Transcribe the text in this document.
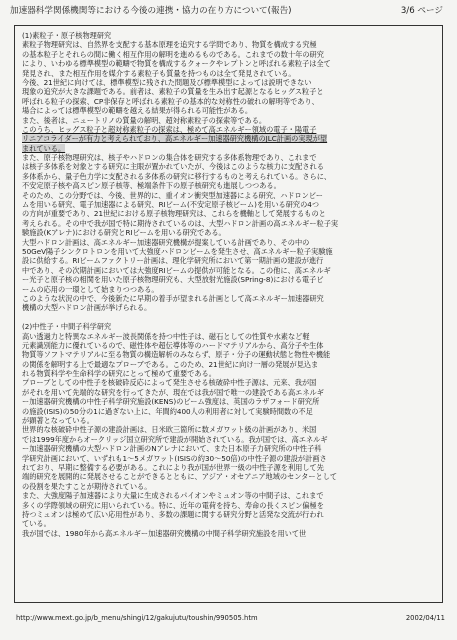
加速器科学関係機関等における今後の連携・協力の在り方について(報告)	3/6 ページ
(1)素粒子・原子核物理研究
素粒子物理研究は、自然界を支配する基本原理を追究する学問であり、物質を構成する究極
の基本粒子とそれらの間に働く相互作用の解明を進めるものである。これまでの数十年の研究
により、いわゆる標準模型の範疇で物質を構成するクォークやレプトンと呼ばれる素粒子は全て
発見され、また相互作用を媒介する素粒子も質量を持つものは全て発見されている。
今後、21世紀に向けては、標準模型に残された問題及び標準模型によっては説明できない
現象の追究が大きな課題である。前者は、素粒子の質量を生み出す起源となるヒッグス粒子と
呼ばれる粒子の探索、CP非保存と呼ばれる素粒子の基本的な対称性の破れの解明等であり、
場合によっては標準模型の範疇を越える結果が得られる可能性がある。
また、後者は、ニュートリノの質量の解明、超対称素粒子の探索等である。
このうち、ヒッグス粒子と超対称素粒子の探索は、極めて高エネルギー領域の電子・陽電子
リニアコライダーが有力と考えられており、高エネルギー加速器研究機構のJLC計画の実現が望
まれている。
また、原子核物理研究は、核子やハドロンの集合体を研究する多体系物理であり、これまで
は核子多体系を対象とする研究に主眼が置かれていたが、今後はこのような核力に支配される
多体系から、量子色力学に支配される多体系の研究に移行するものと考えられている。さらに、
不安定原子核や高スピン原子核等、極端条件下の原子核研究も進展しつつある。
そのため、この分野では、今後、世界的に、重イオン衝突型加速器による研究、ハドロンビー
ムを用いる研究、電子加速器による研究、RIビーム(不安定原子核ビーム)を用いる研究の4つ
の方向が重要であり、21世紀における原子核物理研究は、これらを機軸として発展するものと
考えられる。その中で我が国で特に期待されているのは、大型ハドロン計画の高エネルギー粒子実
験施設(Kアレナ)における研究とRIビームを用いる研究である。
大型ハドロン計画は、高エネルギー加速器研究機構が提案している計画であり、その中の
50GeV陽子シンクロトロンを用いて大強度ハドロンビームを発生させ、高エネルギー粒子実験施
設に供給する。RIビームファクトリー計画は、理化学研究所において第一期計画の建設が進行
中であり、その次期計画においては大強度RIビームの提供が可能となる。この他に、高エネルギ
ー光子と原子核の相関を用いた原子核物理研究も、大型放射光施設(SPring-8)における電子ビ
ームの応用の一環として始まりつつある。
このような状況の中で、今後新たに早期の着手が望まれる計画として高エネルギー加速器研究
機構の大型ハドロン計画が挙げられる。
(2)中性子・中間子科学研究
高い透過力と特異なエネルギー波長関係を持つ中性子は、磁石としての性質や水素など軽
元素識別能力に優れているので、磁性体や超伝導体等のハードマテリアルから、高分子や生体
物質等ソフトマテリアルに至る物質の構造解析のみならず、原子・分子の運動状態と物性や機能
の関係を解明する上で最適なプローブである。このため、21世紀に向け一層の発展が見込ま
れる物質科学や生命科学の研究にとって極めて重要である。
プローブとしての中性子を核破砕反応によって発生させる核破砕中性子源は、元来、我が国
がそれを用いて先端的な研究を行ってきたが、現在では我が国で唯一の建設である高エネルギ
ー加速器研究機構の中性子科学研究施設(KENS)のビーム強度は、英国のラザフォード研究所
の施設(ISIS)の50分の1に過ぎない上に、年間約400人の利用者に対して実験時間数の不足
が顕著となっている。
世界的な核破砕中性子源の建設計画は、日米欧三箇所に数メガワット級の計画があり、米国
では1999年度からオークリッジ国立研究所で建設が開始されている。我が国では、高エネルギ
ー加速器研究機構の大型ハドロン計画のNアレナにおいて、また日本原子力研究所の中性子科
学研究計画において、いずれも1～5メガワット(ISISの約30～50倍)の中性子源の建設が計画さ
れており、早期に整備する必要がある。これにより我が国が世界一級の中性子源を利用して先
端的研究を展開的に発展させることができるとともに、アジア・オセアニア地域のセンターとして
の役割を果たすことが期待されている。
また、大強度陽子加速器により大量に生成されるパイオンやミュオン等の中間子は、これまで
多くの学際領域の研究に用いられている。特に、近年の電荷を持ち、寿命の長くスピン偏極を
持つミュオンは極めて広い応用性があり、多数の課題に関する研究分野と活発な交流が行われ
ている。
我が国では、1980年から高エネルギー加速器研究機構の中間子科学研究施設を用いて世
http://www.mext.go.jp/b_menu/shingi/12/gakujutu/toushin/990505.htm	2002/04/11
